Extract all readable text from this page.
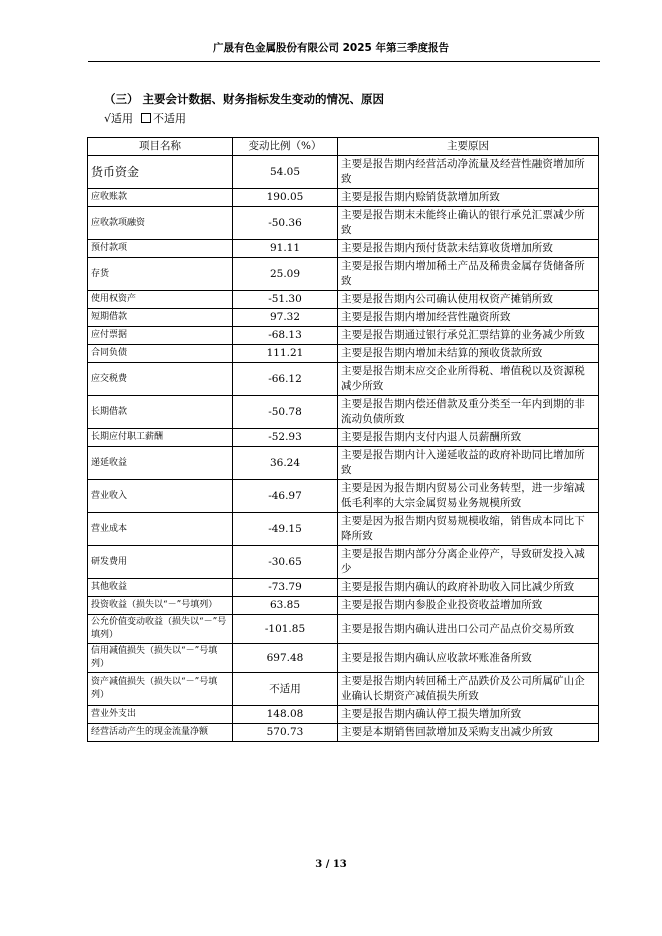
广晟有色金属股份有限公司 2025 年第三季度报告
（三） 主要会计数据、财务指标发生变动的情况、原因
√适用 不适用
项目名称	变动比例（%）	主要原因
货币资金	54.05	主要是报告期内经营活动净流量及经营性融资增加所致
应收账款	190.05	主要是报告期内赊销货款增加所致
应收款项融资	-50.36	主要是报告期末未能终止确认的银行承兑汇票减少所致
预付款项	91.11	主要是报告期内预付货款未结算收货增加所致
存货	25.09	主要是报告期内增加稀土产品及稀贵金属存货储备所致
使用权资产	-51.30	主要是报告期内公司确认使用权资产摊销所致
短期借款	97.32	主要是报告期内增加经营性融资所致
应付票据	-68.13	主要是报告期通过银行承兑汇票结算的业务减少所致
合同负债	111.21	主要是报告期内增加未结算的预收货款所致
应交税费	-66.12	主要是报告期末应交企业所得税、增值税以及资源税减少所致
长期借款	-50.78	主要是报告期内偿还借款及重分类至一年内到期的非流动负债所致
长期应付职工薪酬	-52.93	主要是报告期内支付内退人员薪酬所致
递延收益	36.24	主要是报告期内计入递延收益的政府补助同比增加所致
营业收入	-46.97	主要是因为报告期内贸易公司业务转型，进一步缩减低毛利率的大宗金属贸易业务规模所致
营业成本	-49.15	主要是因为报告期内贸易规模收缩，销售成本同比下降所致
研发费用	-30.65	主要是报告期内部分分离企业停产，导致研发投入减少
其他收益	-73.79	主要是报告期内确认的政府补助收入同比减少所致
投资收益（损失以“－”号填列）	63.85	主要是报告期内参股企业投资收益增加所致
公允价值变动收益（损失以“－”号填列）	-101.85	主要是报告期内确认进出口公司产品点价交易所致
信用减值损失（损失以“－”号填列）	697.48	主要是报告期内确认应收款坏账准备所致
资产减值损失（损失以“－”号填列）	不适用	主要是报告期内转回稀土产品跌价及公司所属矿山企业确认长期资产减值损失所致
营业外支出	148.08	主要是报告期内确认停工损失增加所致
经营活动产生的现金流量净额	570.73	主要是本期销售回款增加及采购支出减少所致
3 / 13
